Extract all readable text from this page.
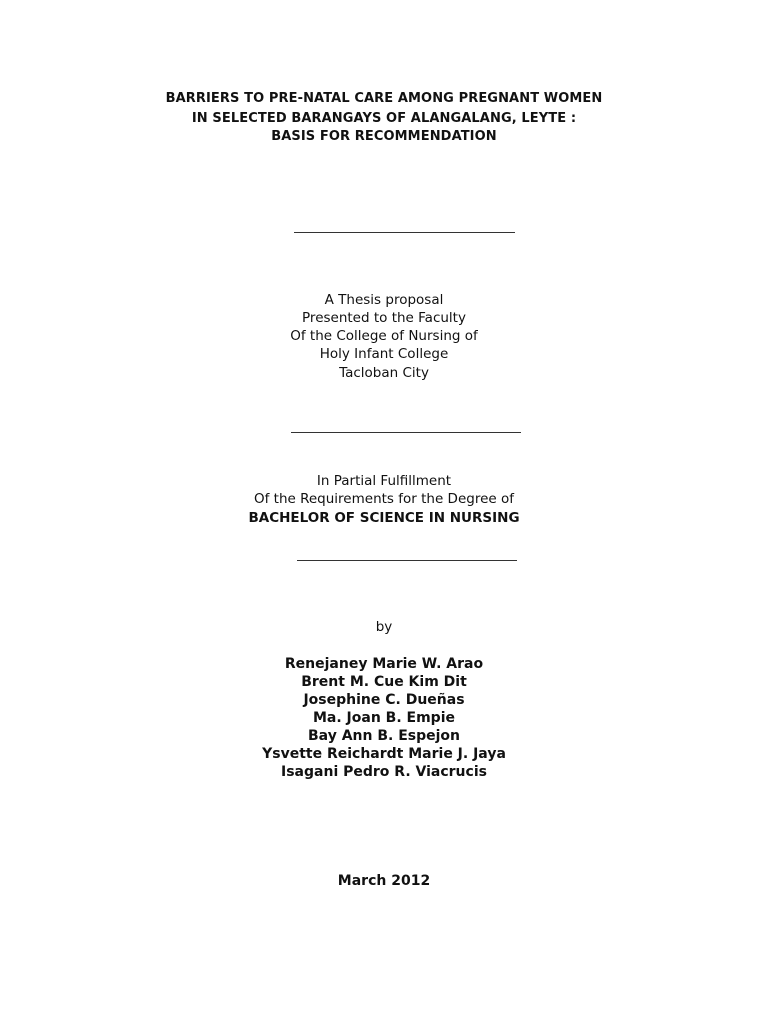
BARRIERS TO PRE-NATAL CARE AMONG PREGNANT WOMEN
IN SELECTED BARANGAYS OF ALANGALANG, LEYTE :
BASIS FOR RECOMMENDATION
A Thesis proposal
Presented to the Faculty
Of the College of Nursing of
Holy Infant College
Tacloban City
In Partial Fulfillment
Of the Requirements for the Degree of
BACHELOR OF SCIENCE IN NURSING
by
Renejaney Marie W. Arao
Brent M. Cue Kim Dit
Josephine C. Dueñas
Ma. Joan B. Empie
Bay Ann B. Espejon
Ysvette Reichardt Marie J. Jaya
Isagani Pedro R. Viacrucis
March 2012
